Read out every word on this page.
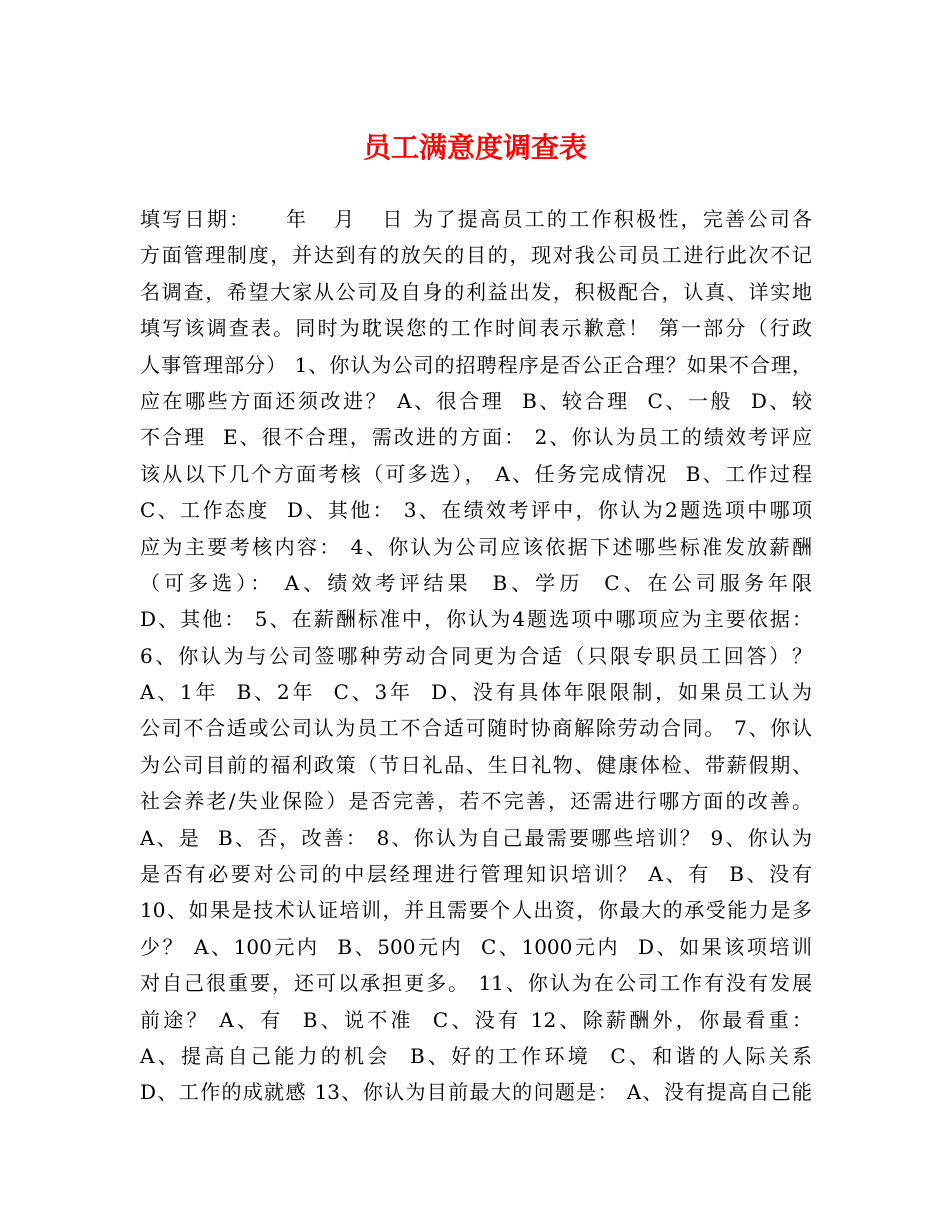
员工满意度调查表
填写日期：    年   月   日 为了提高员工的工作积极性，完善公司各
方面管理制度，并达到有的放矢的目的，现对我公司员工进行此次不记
名调查，希望大家从公司及自身的利益出发，积极配合，认真、详实地
填写该调查表。同时为耽误您的工作时间表示歉意！ 第一部分（行政
人事管理部分） 1、你认为公司的招聘程序是否公正合理？如果不合理，
应在哪些方面还须改进？ A、很合理  B、较合理  C、一般  D、较
不合理  E、很不合理，需改进的方面： 2、你认为员工的绩效考评应
该从以下几个方面考核（可多选）， A、任务完成情况  B、工作过程
C、工作态度  D、其他： 3、在绩效考评中，你认为2题选项中哪项
应为主要考核内容： 4、你认为公司应该依据下述哪些标准发放薪酬
（可多选）： A、绩效考评结果  B、学历  C、在公司服务年限
D、其他： 5、在薪酬标准中，你认为4题选项中哪项应为主要依据：
6、你认为与公司签哪种劳动合同更为合适（只限专职员工回答）？
A、1年  B、2年  C、3年  D、没有具体年限限制，如果员工认为
公司不合适或公司认为员工不合适可随时协商解除劳动合同。 7、你认
为公司目前的福利政策（节日礼品、生日礼物、健康体检、带薪假期、
社会养老/失业保险）是否完善，若不完善，还需进行哪方面的改善。
A、是  B、否，改善： 8、你认为自己最需要哪些培训？ 9、你认为
是否有必要对公司的中层经理进行管理知识培训？ A、有  B、没有
10、如果是技术认证培训，并且需要个人出资，你最大的承受能力是多
少？ A、100元内  B、500元内  C、1000元内  D、如果该项培训
对自己很重要，还可以承担更多。 11、你认为在公司工作有没有发展
前途？ A、有  B、说不准  C、没有 12、除薪酬外，你最看重：
A、提高自己能力的机会  B、好的工作环境  C、和谐的人际关系
D、工作的成就感 13、你认为目前最大的问题是： A、没有提高自己能
